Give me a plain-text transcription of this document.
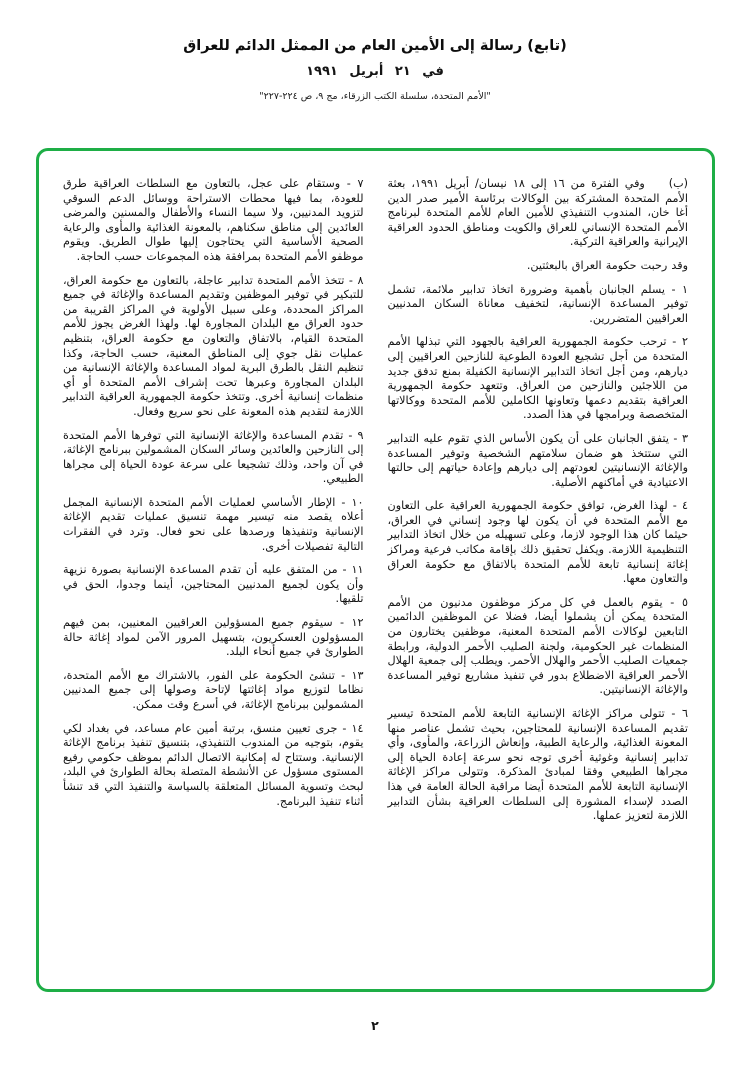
(تابع) رسالة إلى الأمين العام من الممثل الدائم للعراق
في ٢١ أبريل ١٩٩١
"الأمم المتحدة، سلسلة الكتب الزرقاء، مج ٩، ص ٢٢٤-٢٢٧"

(ب)    وفي الفترة من ١٦ إلى ١٨ نيسان/ أبريل ١٩٩١، بعثة الأمم المتحدة المشتركة بين الوكالات برئاسة الأمير صدر الدين أغا خان، المندوب التنفيذي للأمين العام للأمم المتحدة لبرنامج الأمم المتحدة الإنساني للعراق والكويت ومناطق الحدود العراقية الإيرانية والعراقية التركية.

وقد رحبت حكومة العراق بالبعثتين.

١ - يسلم الجانبان بأهمية وضرورة اتخاذ تدابير ملائمة، تشمل توفير المساعدة الإنسانية، لتخفيف معاناة السكان المدنيين العراقيين المتضررين.

٢ - ترحب حكومة الجمهورية العراقية بالجهود التي تبذلها الأمم المتحدة من أجل تشجيع العودة الطوعية للنازحين العراقيين إلى ديارهم، ومن أجل اتخاذ التدابير الإنسانية الكفيلة بمنع تدفق جديد من اللاجئين والنازحين من العراق. وتتعهد حكومة الجمهورية العراقية بتقديم دعمها وتعاونها الكاملين للأمم المتحدة ووكالاتها المتخصصة وبرامجها في هذا الصدد.

٣ - يتفق الجانبان على أن يكون الأساس الذي تقوم عليه التدابير التي ستتخذ هو ضمان سلامتهم الشخصية وتوفير المساعدة والإغاثة الإنسانيتين لعودتهم إلى ديارهم وإعادة حياتهم إلى حالتها الاعتيادية في أماكنهم الأصلية.

٤ - لهذا الغرض، توافق حكومة الجمهورية العراقية على التعاون مع الأمم المتحدة في أن يكون لها وجود إنساني في العراق، حيثما كان هذا الوجود لازما، وعلى تسهيله من خلال اتخاذ التدابير التنظيمية اللازمة. ويكفل تحقيق ذلك بإقامة مكاتب فرعية ومراكز إغاثة إنسانية تابعة للأمم المتحدة بالاتفاق مع حكومة العراق والتعاون معها.

٥ - يقوم بالعمل في كل مركز موظفون مدنيون من الأمم المتحدة يمكن أن يشملوا أيضا، فضلا عن الموظفين الدائمين التابعين لوكالات الأمم المتحدة المعنية، موظفين يختارون من المنظمات غير الحكومية، ولجنة الصليب الأحمر الدولية، ورابطة جمعيات الصليب الأحمر والهلال الأحمر. ويطلب إلى جمعية الهلال الأحمر العراقية الاضطلاع بدور في تنفيذ مشاريع توفير المساعدة والإغاثة الإنسانيتين.

٦ - تتولى مراكز الإغاثة الإنسانية التابعة للأمم المتحدة تيسير تقديم المساعدة الإنسانية للمحتاجين، بحيث تشمل عناصر منها المعونة الغذائية، والرعاية الطبية، وإنعاش الزراعة، والمأوى، وأي تدابير إنسانية وغوثية أخرى توجه نحو سرعة إعادة الحياة إلى مجراها الطبيعي وفقا لمبادئ المذكرة. وتتولى مراكز الإغاثة الإنسانية التابعة للأمم المتحدة أيضا مراقبة الحالة العامة في هذا الصدد لإسداء المشورة إلى السلطات العراقية بشأن التدابير اللازمة لتعزيز عملها.

٧ - وستقام على عجل، بالتعاون مع السلطات العراقية طرق للعودة، بما فيها محطات الاستراحة ووسائل الدعم السوقي لتزويد المدنيين، ولا سيما النساء والأطفال والمسنين والمرضى العائدين إلى مناطق سكناهم، بالمعونة الغذائية والمأوى والرعاية الصحية الأساسية التي يحتاجون إليها طوال الطريق. ويقوم موظفو الأمم المتحدة بمرافقة هذه المجموعات حسب الحاجة.

٨ - تتخذ الأمم المتحدة تدابير عاجلة، بالتعاون مع حكومة العراق، للتبكير في توفير الموظفين وتقديم المساعدة والإغاثة في جميع المراكز المحددة، وعلى سبيل الأولوية في المراكز القريبة من حدود العراق مع البلدان المجاورة لها. ولهذا الغرض يجوز للأمم المتحدة القيام، بالاتفاق والتعاون مع حكومة العراق، بتنظيم عمليات نقل جوي إلى المناطق المعنية، حسب الحاجة، وكذا تنظيم النقل بالطرق البرية لمواد المساعدة والإغاثة الإنسانية من البلدان المجاورة وعبرها تحت إشراف الأمم المتحدة أو أي منظمات إنسانية أخرى. وتتخذ حكومة الجمهورية العراقية التدابير اللازمة لتقديم هذه المعونة على نحو سريع وفعال.

٩ - تقدم المساعدة والإغاثة الإنسانية التي توفرها الأمم المتحدة إلى النازحين والعائدين وسائر السكان المشمولين ببرنامج الإغاثة، في آن واحد، وذلك تشجيعا على سرعة عودة الحياة إلى مجراها الطبيعي.

١٠ - الإطار الأساسي لعمليات الأمم المتحدة الإنسانية المجمل أعلاه يقصد منه تيسير مهمة تنسيق عمليات تقديم الإغاثة الإنسانية وتنفيذها ورصدها على نحو فعال. وترد في الفقرات التالية تفصيلات أخرى.

١١ - من المتفق عليه أن تقدم المساعدة الإنسانية بصورة نزيهة وأن يكون لجميع المدنيين المحتاجين، أينما وجدوا، الحق في تلقيها.

١٢ - سيقوم جميع المسؤولين العراقيين المعنيين، بمن فيهم المسؤولون العسكريون، بتسهيل المرور الآمن لمواد إغاثة حالة الطوارئ في جميع أنحاء البلد.

١٣ - تنشئ الحكومة على الفور، بالاشتراك مع الأمم المتحدة، نظاما لتوزيع مواد إغاثتها لإتاحة وصولها إلى جميع المدنيين المشمولين ببرنامج الإغاثة، في أسرع وقت ممكن.

١٤ - جرى تعيين منسق، برتبة أمين عام مساعد، في بغداد لكي يقوم، بتوجيه من المندوب التنفيذي، بتنسيق تنفيذ برنامج الإغاثة الإنسانية. وستتاح له إمكانية الاتصال الدائم بموظف حكومي رفيع المستوى مسؤول عن الأنشطة المتصلة بحالة الطوارئ في البلد، لبحث وتسوية المسائل المتعلقة بالسياسة والتنفيذ التي قد تنشأ أثناء تنفيذ البرنامج.

٢
